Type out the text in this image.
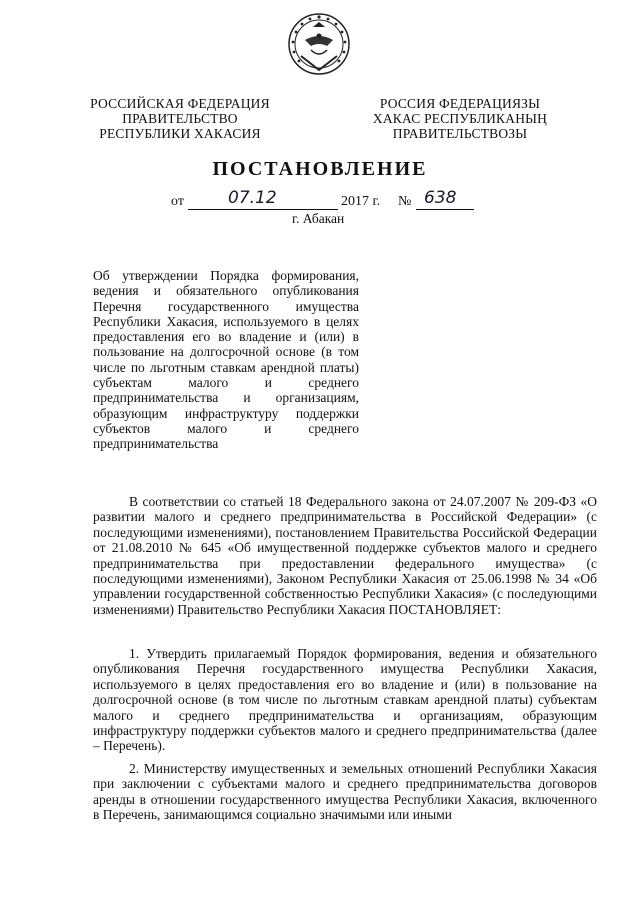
РОССИЙСКАЯ ФЕДЕРАЦИЯ
ПРАВИТЕЛЬСТВО
РЕСПУБЛИКИ ХАКАСИЯ
РОССИЯ ФЕДЕРАЦИЯЗЫ
ХАКАС РЕСПУБЛИКАНЫҢ
ПРАВИТЕЛЬСТВОЗЫ
ПОСТАНОВЛЕНИЕ
от	07.12	2017 г. № 638
г. Абакан
Об утверждении Порядка формирования, ведения и обязательного опубликования Перечня государственного имущества Республики Хакасия, используемого в целях предоставления его во владение и (или) в пользование на долгосрочной основе (в том числе по льготным ставкам арендной платы) субъектам малого и среднего предпринимательства и организациям, образующим инфраструктуру поддержки субъектов малого и среднего предпринимательства

В соответствии со статьей 18 Федерального закона от 24.07.2007 № 209-ФЗ «О развитии малого и среднего предпринимательства в Российской Федерации» (с последующими изменениями), постановлением Правительства Российской Федерации от 21.08.2010 № 645 «Об имущественной поддержке субъектов малого и среднего предпринимательства при предоставлении федерального имущества» (с последующими изменениями), Законом Республики Хакасия от 25.06.1998 № 34 «Об управлении государственной собственностью Республики Хакасия» (с последующими изменениями) Правительство Республики Хакасия ПОСТАНОВЛЯЕТ:

1. Утвердить прилагаемый Порядок формирования, ведения и обязательного опубликования Перечня государственного имущества Республики Хакасия, используемого в целях предоставления его во владение и (или) в пользование на долгосрочной основе (в том числе по льготным ставкам арендной платы) субъектам малого и среднего предпринимательства и организациям, образующим инфраструктуру поддержки субъектов малого и среднего предпринимательства (далее – Перечень).

2. Министерству имущественных и земельных отношений Республики Хакасия при заключении с субъектами малого и среднего предпринимательства договоров аренды в отношении государственного имущества Республики Хакасия, включенного в Перечень, занимающимся социально значимыми или иными
